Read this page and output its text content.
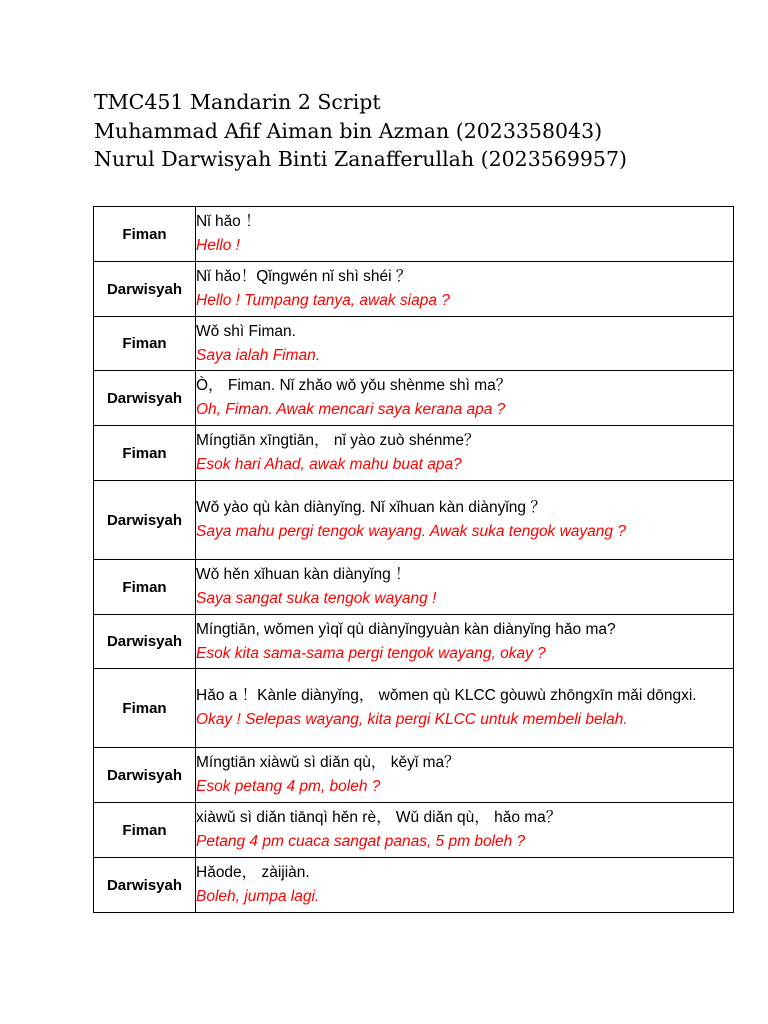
TMC451 Mandarin 2 Script
Muhammad Afif Aiman bin Azman (2023358043)
Nurul Darwisyah Binti Zanafferullah (2023569957)
Fiman	Nǐ hǎo ！
Hello !

Darwisyah	Nǐ hǎo！Qǐngwén nǐ shì shéi ？
Hello ! Tumpang tanya, awak siapa ?

Fiman	Wǒ shì Fiman.
Saya ialah Fiman.

Darwisyah	Ò， Fiman. Nǐ zhǎo wǒ yǒu shènme shì ma？
Oh, Fiman. Awak mencari saya kerana apa ?

Fiman	Míngtiān xīngtiān， nǐ yào zuò shénme？
Esok hari Ahad, awak mahu buat apa?

Darwisyah	Wǒ yào qù kàn diànyǐng. Nǐ xǐhuan kàn diànyǐng ？
Saya mahu pergi tengok wayang. Awak suka tengok wayang ?

Fiman	Wǒ hěn xǐhuan kàn diànyǐng ！
Saya sangat suka tengok wayang !

Darwisyah	Míngtiān, wǒmen yìqǐ qù diànyǐngyuàn kàn diànyǐng hǎo ma?
Esok kita sama-sama pergi tengok wayang, okay ?

Fiman	Hǎo a ！Kànle diànyǐng， wǒmen qù KLCC gòuwù zhōngxīn mǎi dōngxi.
Okay ! Selepas wayang, kita pergi KLCC untuk membeli belah.

Darwisyah	Míngtiān xiàwǔ sì diǎn qù， kěyǐ ma？
Esok petang 4 pm, boleh ?

Fiman	xiàwǔ sì diǎn tiānqì hěn rè， Wǔ diǎn qù， hǎo ma？
Petang 4 pm cuaca sangat panas, 5 pm boleh ?

Darwisyah	Hǎode， zàijiàn.
Boleh, jumpa lagi.
